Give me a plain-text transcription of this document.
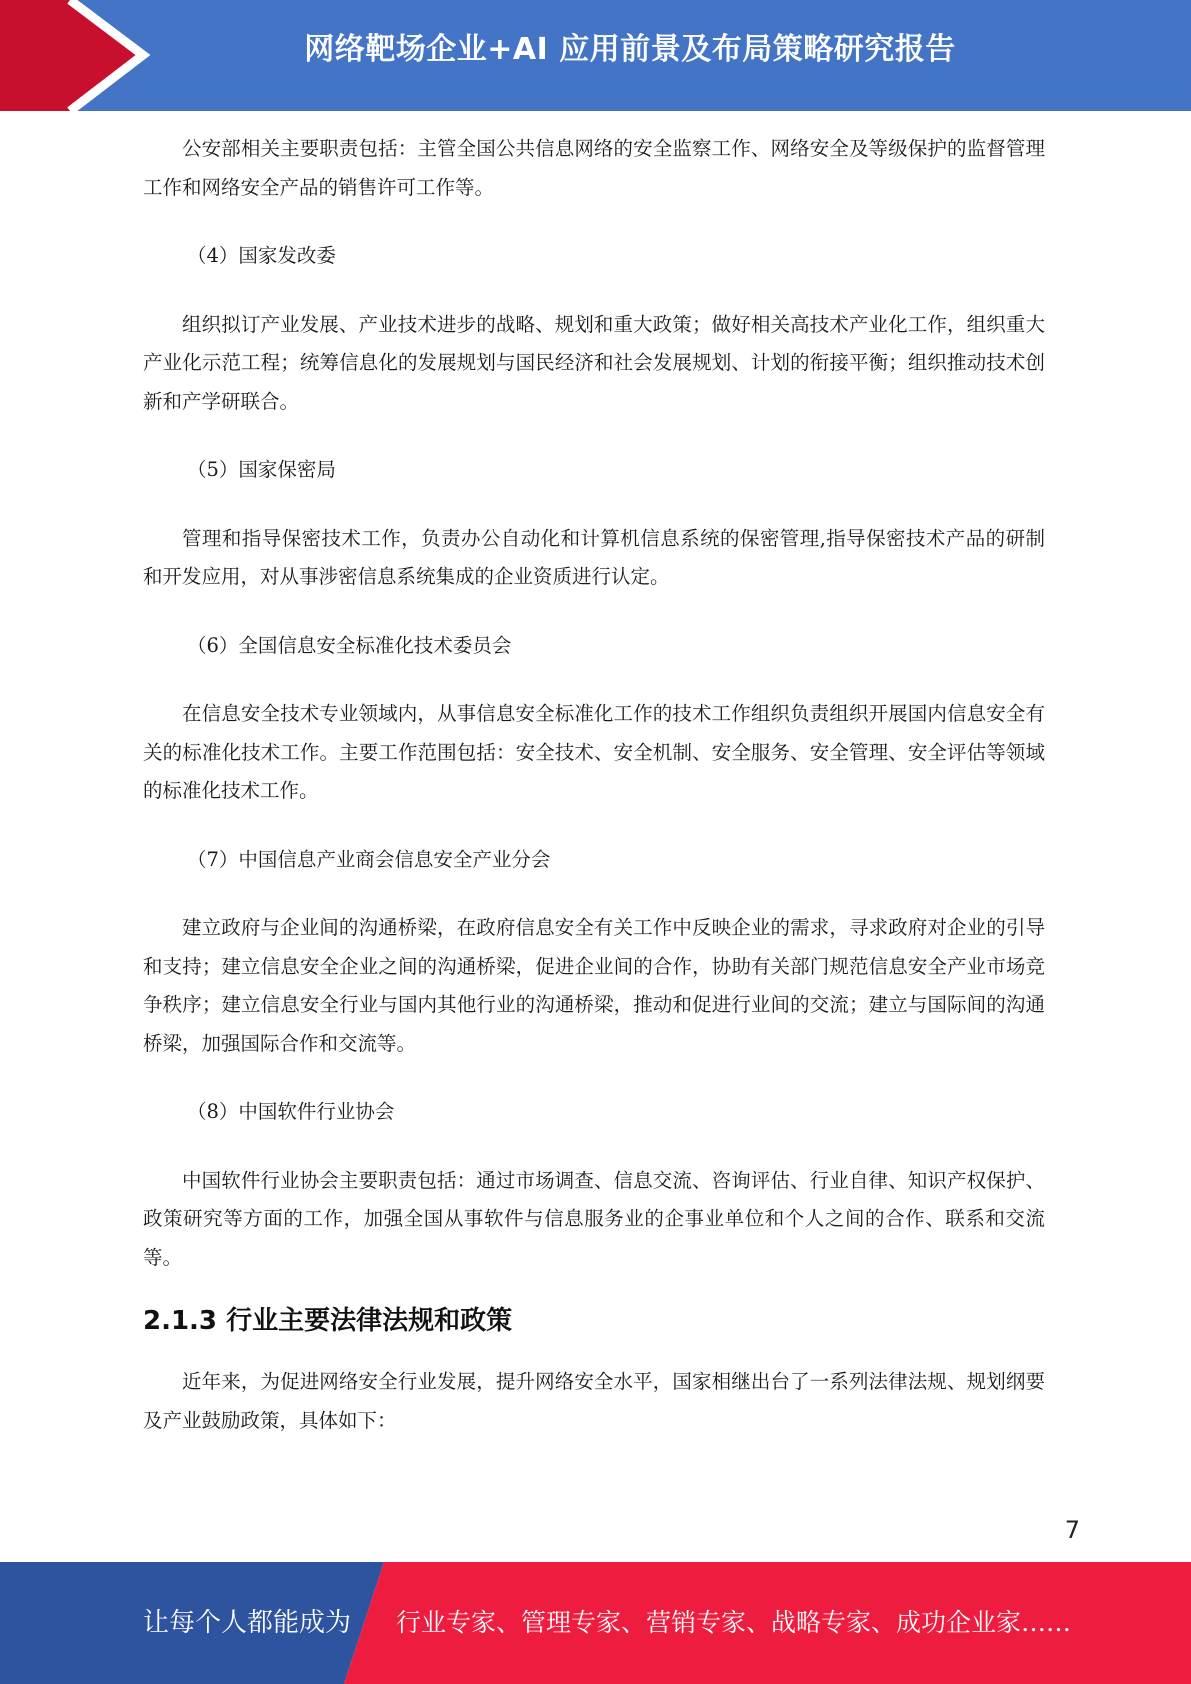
网络靶场企业+AI 应用前景及布局策略研究报告

公安部相关主要职责包括：主管全国公共信息网络的安全监察工作、网络安全及等级保护的监督管理工作和网络安全产品的销售许可工作等。

（4）国家发改委

组织拟订产业发展、产业技术进步的战略、规划和重大政策；做好相关高技术产业化工作，组织重大产业化示范工程；统筹信息化的发展规划与国民经济和社会发展规划、计划的衔接平衡；组织推动技术创新和产学研联合。

（5）国家保密局

管理和指导保密技术工作，负责办公自动化和计算机信息系统的保密管理,指导保密技术产品的研制和开发应用，对从事涉密信息系统集成的企业资质进行认定。

（6）全国信息安全标准化技术委员会

在信息安全技术专业领域内，从事信息安全标准化工作的技术工作组织负责组织开展国内信息安全有关的标准化技术工作。主要工作范围包括：安全技术、安全机制、安全服务、安全管理、安全评估等领域的标准化技术工作。

（7）中国信息产业商会信息安全产业分会

建立政府与企业间的沟通桥梁，在政府信息安全有关工作中反映企业的需求，寻求政府对企业的引导和支持；建立信息安全企业之间的沟通桥梁，促进企业间的合作，协助有关部门规范信息安全产业市场竞争秩序；建立信息安全行业与国内其他行业的沟通桥梁，推动和促进行业间的交流；建立与国际间的沟通桥梁，加强国际合作和交流等。

（8）中国软件行业协会

中国软件行业协会主要职责包括：通过市场调查、信息交流、咨询评估、行业自律、知识产权保护、政策研究等方面的工作，加强全国从事软件与信息服务业的企事业单位和个人之间的合作、联系和交流等。

2.1.3 行业主要法律法规和政策

近年来，为促进网络安全行业发展，提升网络安全水平，国家相继出台了一系列法律法规、规划纲要及产业鼓励政策，具体如下：

7
让每个人都能成为 行业专家、管理专家、营销专家、战略专家、成功企业家……
